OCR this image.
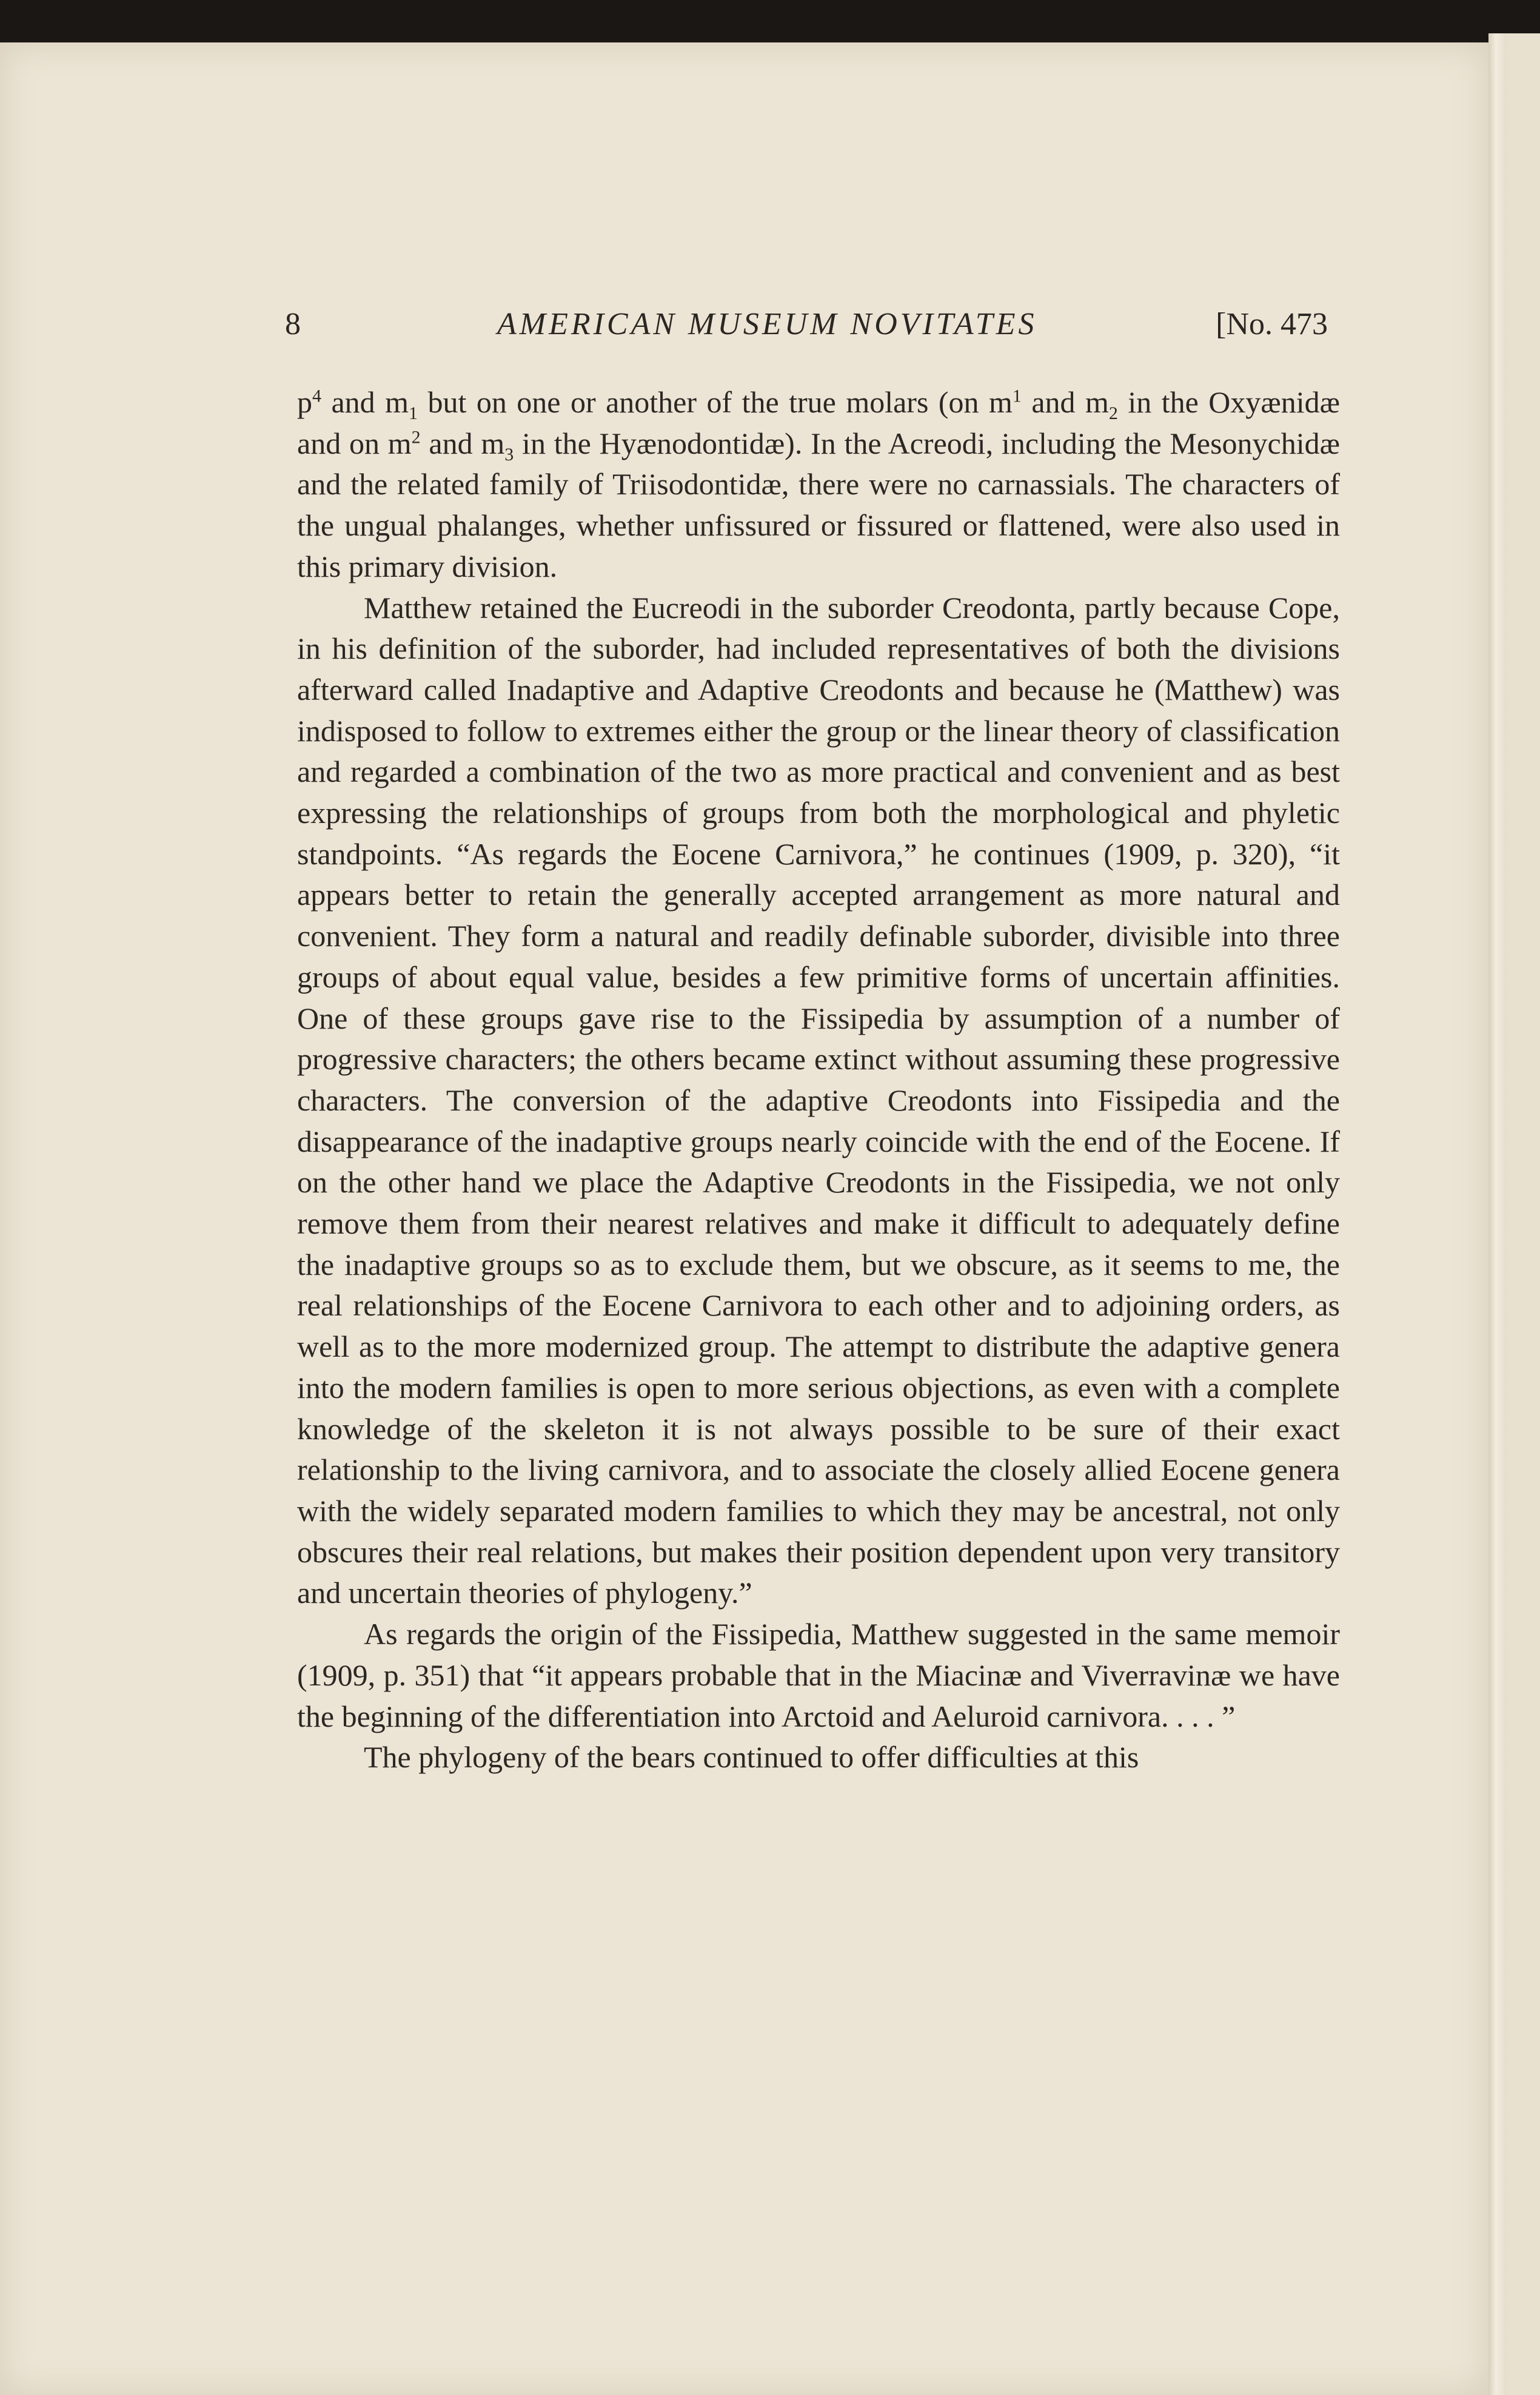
8	AMERICAN MUSEUM NOVITATES	[No. 473

$p^4$ and $m_1$ but on one or another of the true molars (on $m^1$ and $m_2$ in the Oxyænidæ and on $m^2$ and $m_3$ in the Hyænodontidæ). In the Acreodi, including the Mesonychidæ and the related family of Triisodontidæ, there were no carnassials. The characters of the ungual phalanges, whether unfissured or fissured or flattened, were also used in this primary division.

Matthew retained the Eucreodi in the suborder Creodonta, partly because Cope, in his definition of the suborder, had included representatives of both the divisions afterward called Inadaptive and Adaptive Creodonts and because he (Matthew) was indisposed to follow to extremes either the group or the linear theory of classification and regarded a combination of the two as more practical and convenient and as best expressing the relationships of groups from both the morphological and phyletic standpoints. “As regards the Eocene Carnivora,” he continues (1909, p. 320), “it appears better to retain the generally accepted arrangement as more natural and convenient. They form a natural and readily definable suborder, divisible into three groups of about equal value, besides a few primitive forms of uncertain affinities. One of these groups gave rise to the Fissipedia by assumption of a number of progressive characters; the others became extinct without assuming these progressive characters. The conversion of the adaptive Creodonts into Fissipedia and the disappearance of the inadaptive groups nearly coincide with the end of the Eocene. If on the other hand we place the Adaptive Creodonts in the Fissipedia, we not only remove them from their nearest relatives and make it difficult to adequately define the inadaptive groups so as to exclude them, but we obscure, as it seems to me, the real relationships of the Eocene Carnivora to each other and to adjoining orders, as well as to the more modernized group. The attempt to distribute the adaptive genera into the modern families is open to more serious objections, as even with a complete knowledge of the skeleton it is not always possible to be sure of their exact relationship to the living carnivora, and to associate the closely allied Eocene genera with the widely separated modern families to which they may be ancestral, not only obscures their real relations, but makes their position dependent upon very transitory and uncertain theories of phylogeny.”

As regards the origin of the Fissipedia, Matthew suggested in the same memoir (1909, p. 351) that “it appears probable that in the Miacinæ and Viverravinæ we have the beginning of the differentiation into Arctoid and Aeluroid carnivora. . . . ”

The phylogeny of the bears continued to offer difficulties at this
